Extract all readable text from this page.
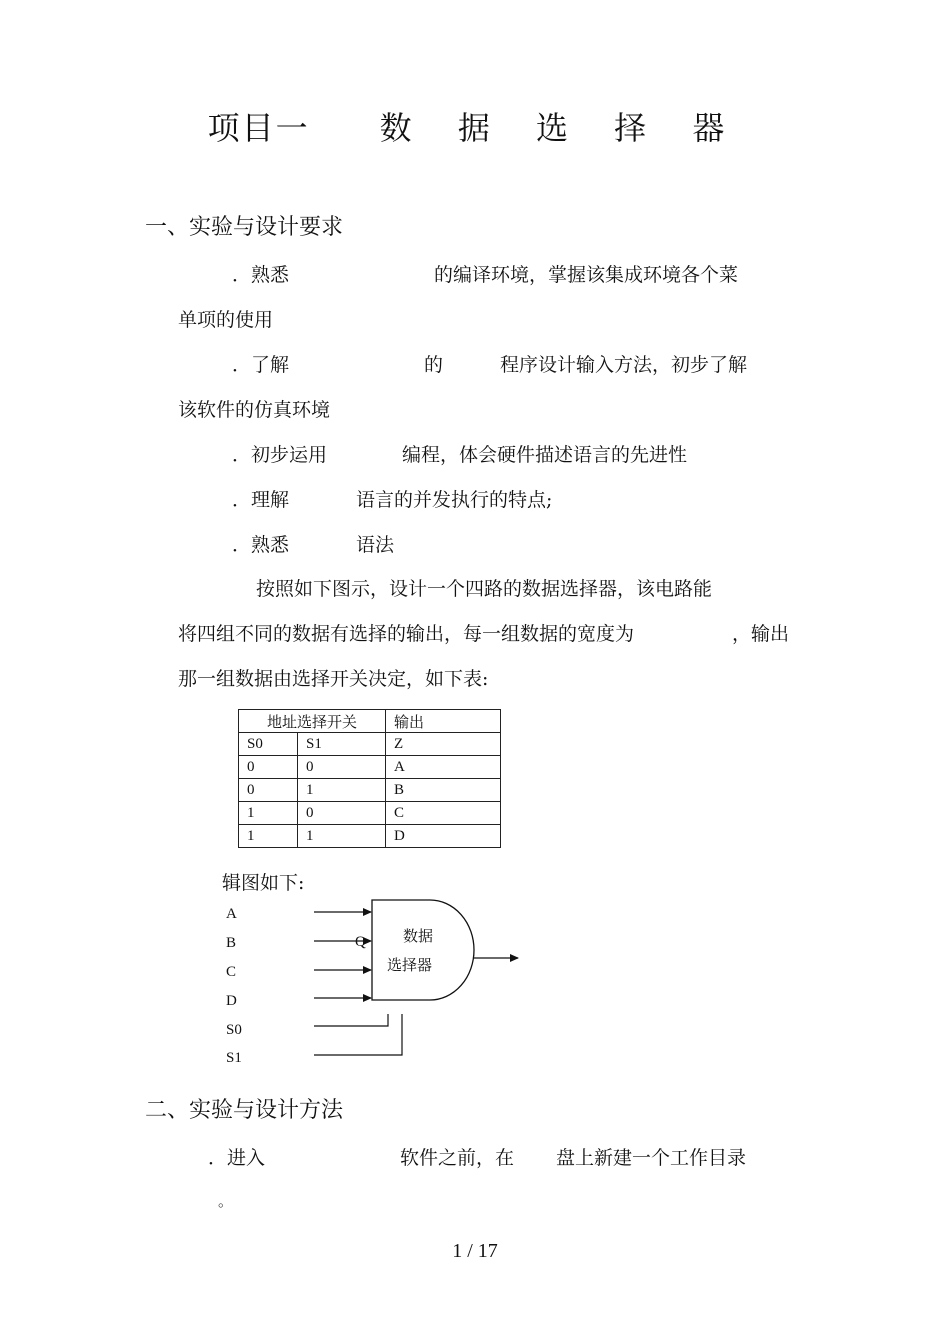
项目一 数 据 选 择 器
一、实验与设计要求
．熟悉	的编译环境，掌握该集成环境各个菜
单项的使用
．了解	的	程序设计输入方法，初步了解
该软件的仿真环境
．初步运用	编程，体会硬件描述语言的先进性
．理解	语言的并发执行的特点;
．熟悉	语法
按照如下图示，设计一个四路的数据选择器，该电路能
将四组不同的数据有选择的输出，每一组数据的宽度为	，输出
那一组数据由选择开关决定，如下表:
地址选择开关		输出
S0	S1	Z
0	0	A
0	1	B
1	0	C
1	1	D
辑图如下:
A
B
C
D
S0
S1
Q 数据
选择器
二、实验与设计方法
．进入	软件之前，在 盘上新建一个工作目录
。
1 / 17
